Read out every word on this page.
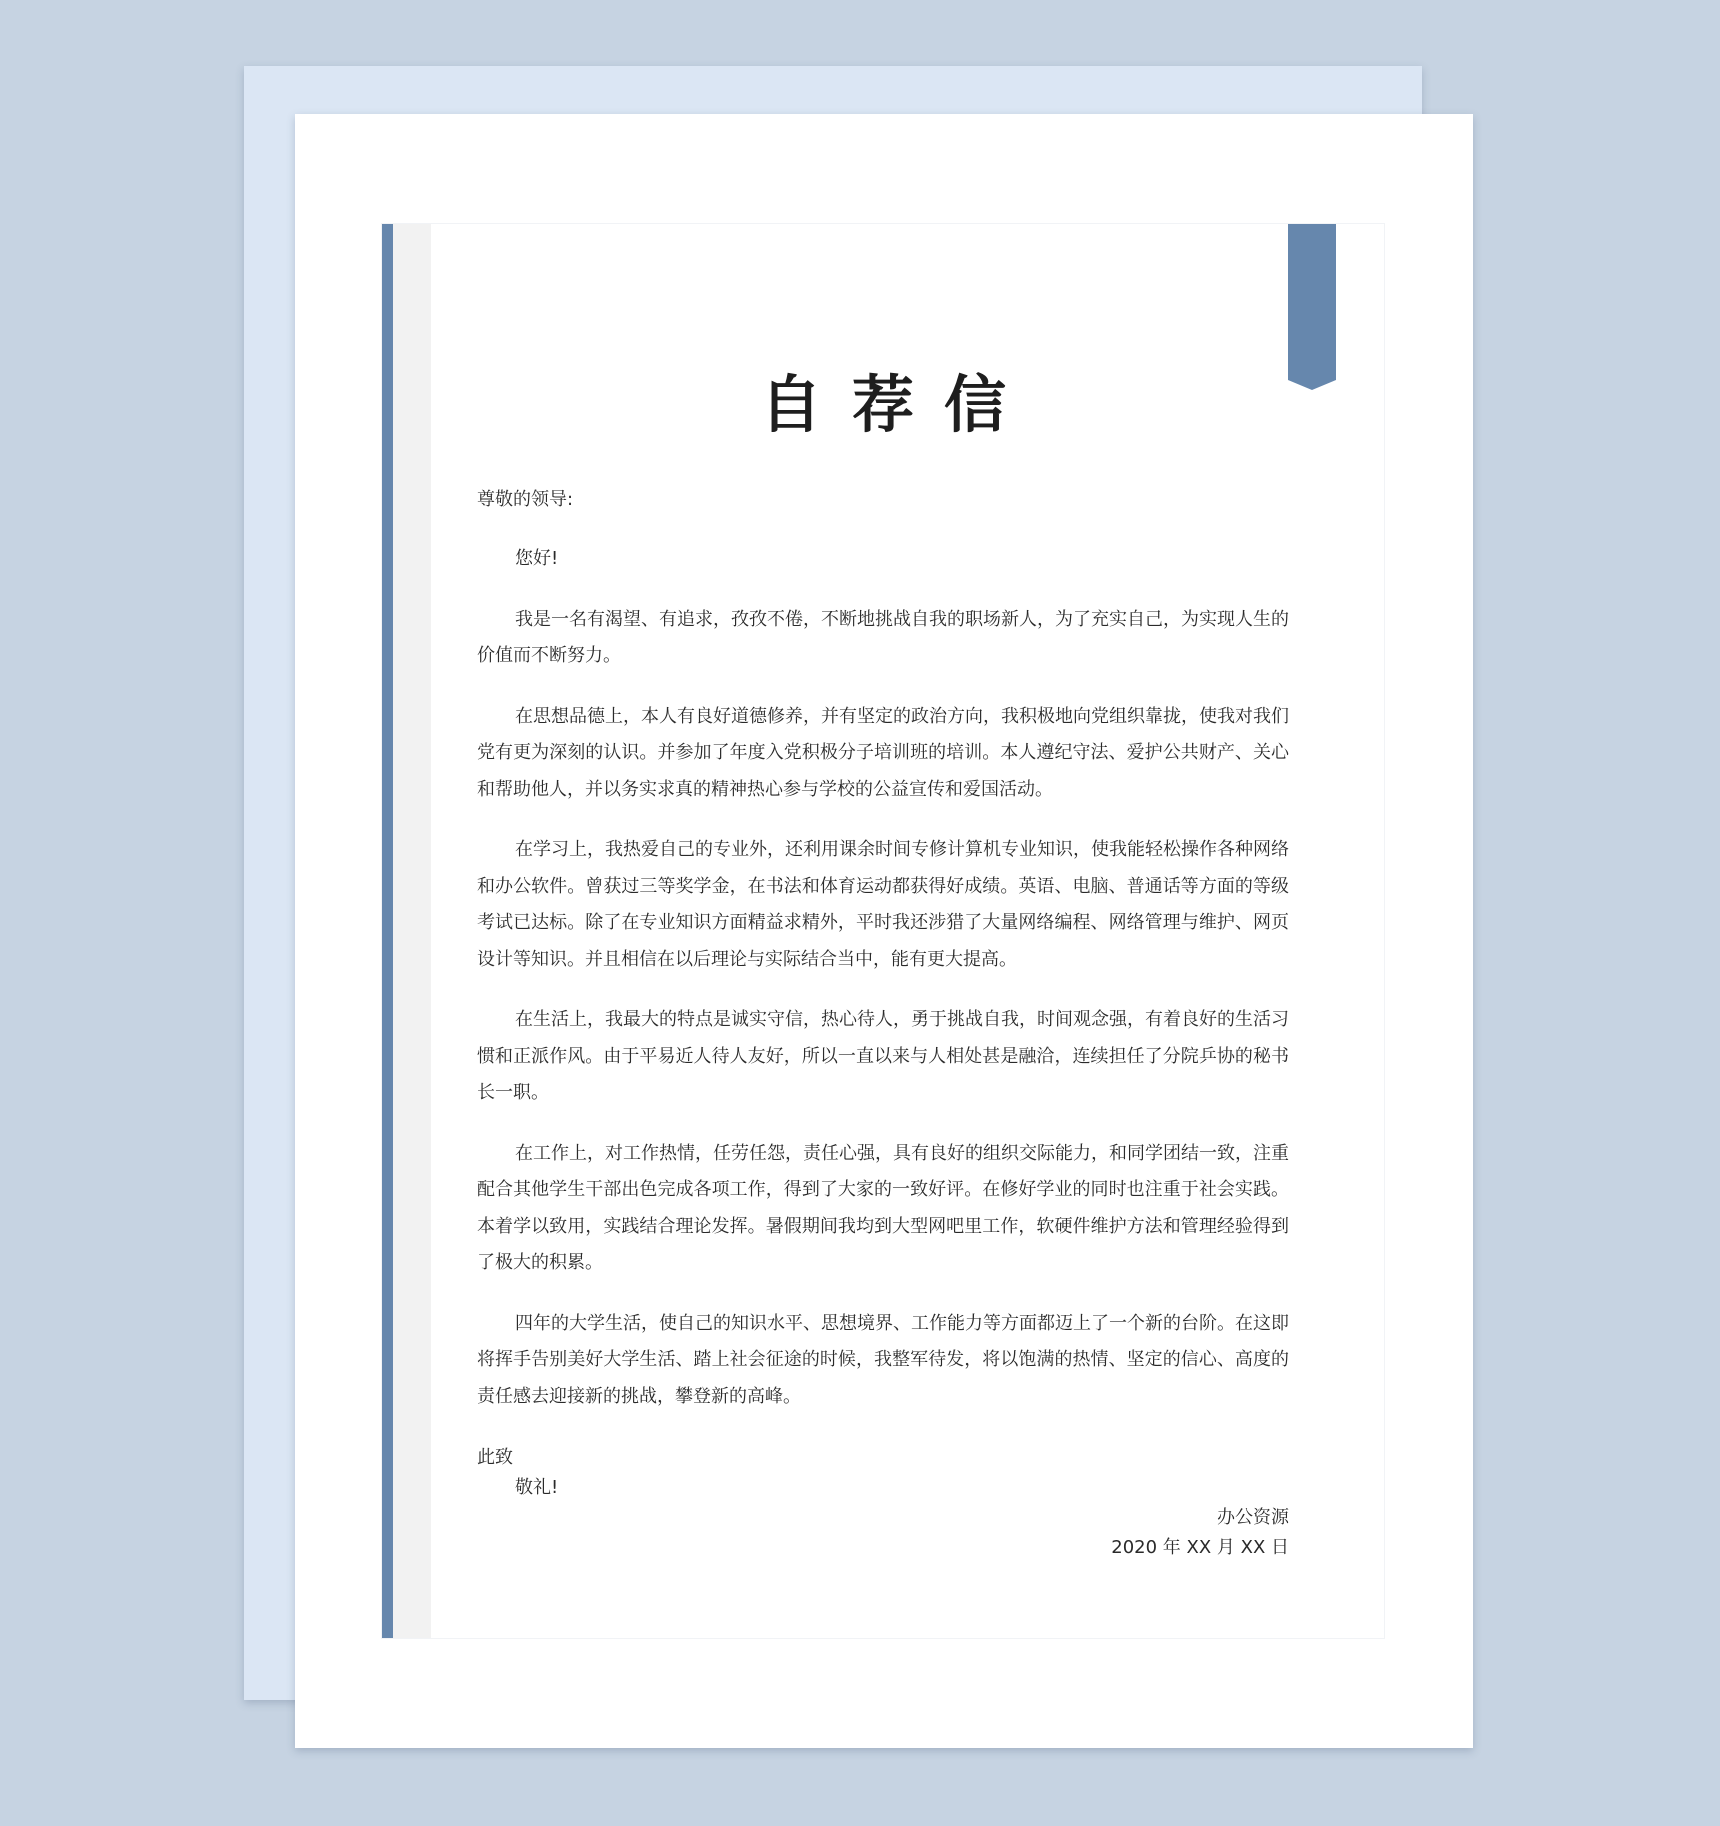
自荐信

尊敬的领导:

您好!

我是一名有渴望、有追求，孜孜不倦，不断地挑战自我的职场新人，为了充实自己，为实现人生的价值而不断努力。

在思想品德上，本人有良好道德修养，并有坚定的政治方向，我积极地向党组织靠拢，使我对我们党有更为深刻的认识。并参加了年度入党积极分子培训班的培训。本人遵纪守法、爱护公共财产、关心和帮助他人，并以务实求真的精神热心参与学校的公益宣传和爱国活动。

在学习上，我热爱自己的专业外，还利用课余时间专修计算机专业知识，使我能轻松操作各种网络和办公软件。曾获过三等奖学金，在书法和体育运动都获得好成绩。英语、电脑、普通话等方面的等级考试已达标。除了在专业知识方面精益求精外，平时我还涉猎了大量网络编程、网络管理与维护、网页设计等知识。并且相信在以后理论与实际结合当中，能有更大提高。

在生活上，我最大的特点是诚实守信，热心待人，勇于挑战自我，时间观念强，有着良好的生活习惯和正派作风。由于平易近人待人友好，所以一直以来与人相处甚是融洽，连续担任了分院乒协的秘书长一职。

在工作上，对工作热情，任劳任怨，责任心强，具有良好的组织交际能力，和同学团结一致，注重配合其他学生干部出色完成各项工作，得到了大家的一致好评。在修好学业的同时也注重于社会实践。本着学以致用，实践结合理论发挥。暑假期间我均到大型网吧里工作，软硬件维护方法和管理经验得到了极大的积累。

四年的大学生活，使自己的知识水平、思想境界、工作能力等方面都迈上了一个新的台阶。在这即将挥手告别美好大学生活、踏上社会征途的时候，我整军待发，将以饱满的热情、坚定的信心、高度的责任感去迎接新的挑战，攀登新的高峰。

此致

敬礼!

办公资源

2020 年 XX 月 XX 日
